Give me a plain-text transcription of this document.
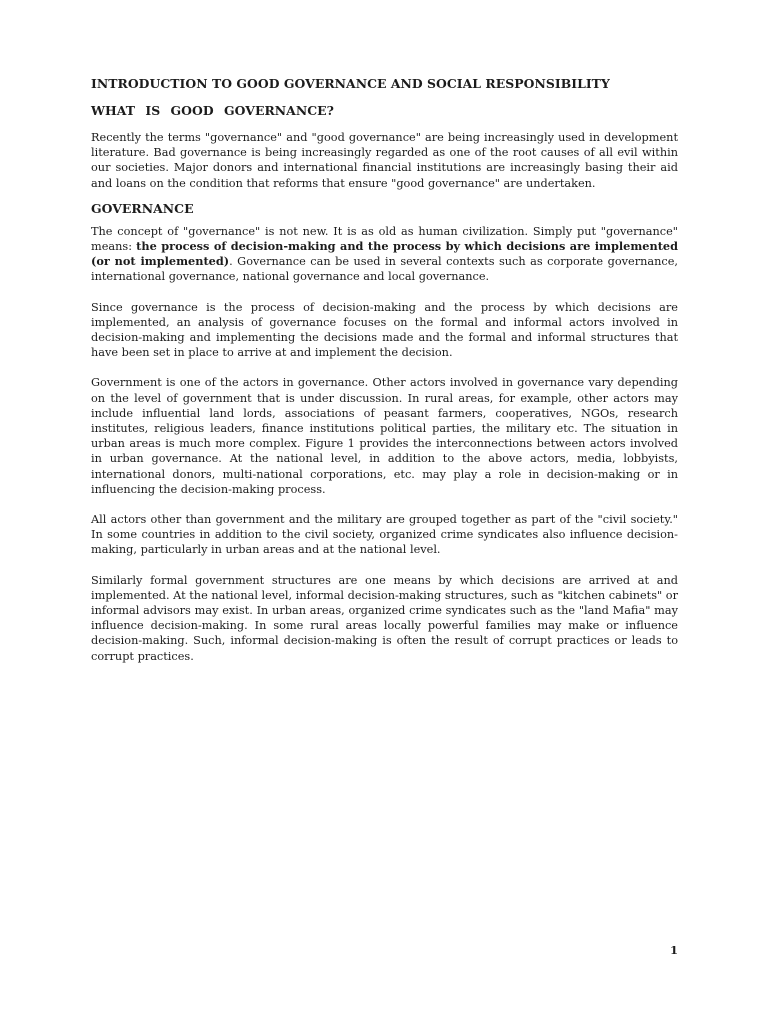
INTRODUCTION TO GOOD GOVERNANCE AND SOCIAL RESPONSIBILITY
WHAT IS GOOD GOVERNANCE?

Recently the terms "governance" and "good governance" are being increasingly used in development literature. Bad governance is being increasingly regarded as one of the root causes of all evil within our societies. Major donors and international financial institutions are increasingly basing their aid and loans on the condition that reforms that ensure "good governance" are undertaken.

GOVERNANCE

The concept of "governance" is not new. It is as old as human civilization. Simply put "governance" means: the process of decision-making and the process by which decisions are implemented (or not implemented). Governance can be used in several contexts such as corporate governance, international governance, national governance and local governance.

Since governance is the process of decision-making and the process by which decisions are implemented, an analysis of governance focuses on the formal and informal actors involved in decision-making and implementing the decisions made and the formal and informal structures that have been set in place to arrive at and implement the decision.

Government is one of the actors in governance. Other actors involved in governance vary depending on the level of government that is under discussion. In rural areas, for example, other actors may include influential land lords, associations of peasant farmers, cooperatives, NGOs, research institutes, religious leaders, finance institutions political parties, the military etc. The situation in urban areas is much more complex. Figure 1 provides the interconnections between actors involved in urban governance. At the national level, in addition to the above actors, media, lobbyists, international donors, multi-national corporations, etc. may play a role in decision-making or in influencing the decision-making process.

All actors other than government and the military are grouped together as part of the "civil society." In some countries in addition to the civil society, organized crime syndicates also influence decision-making, particularly in urban areas and at the national level.

Similarly formal government structures are one means by which decisions are arrived at and implemented. At the national level, informal decision-making structures, such as "kitchen cabinets" or informal advisors may exist. In urban areas, organized crime syndicates such as the "land Mafia" may influence decision-making. In some rural areas locally powerful families may make or influence decision-making. Such, informal decision-making is often the result of corrupt practices or leads to corrupt practices.

1
